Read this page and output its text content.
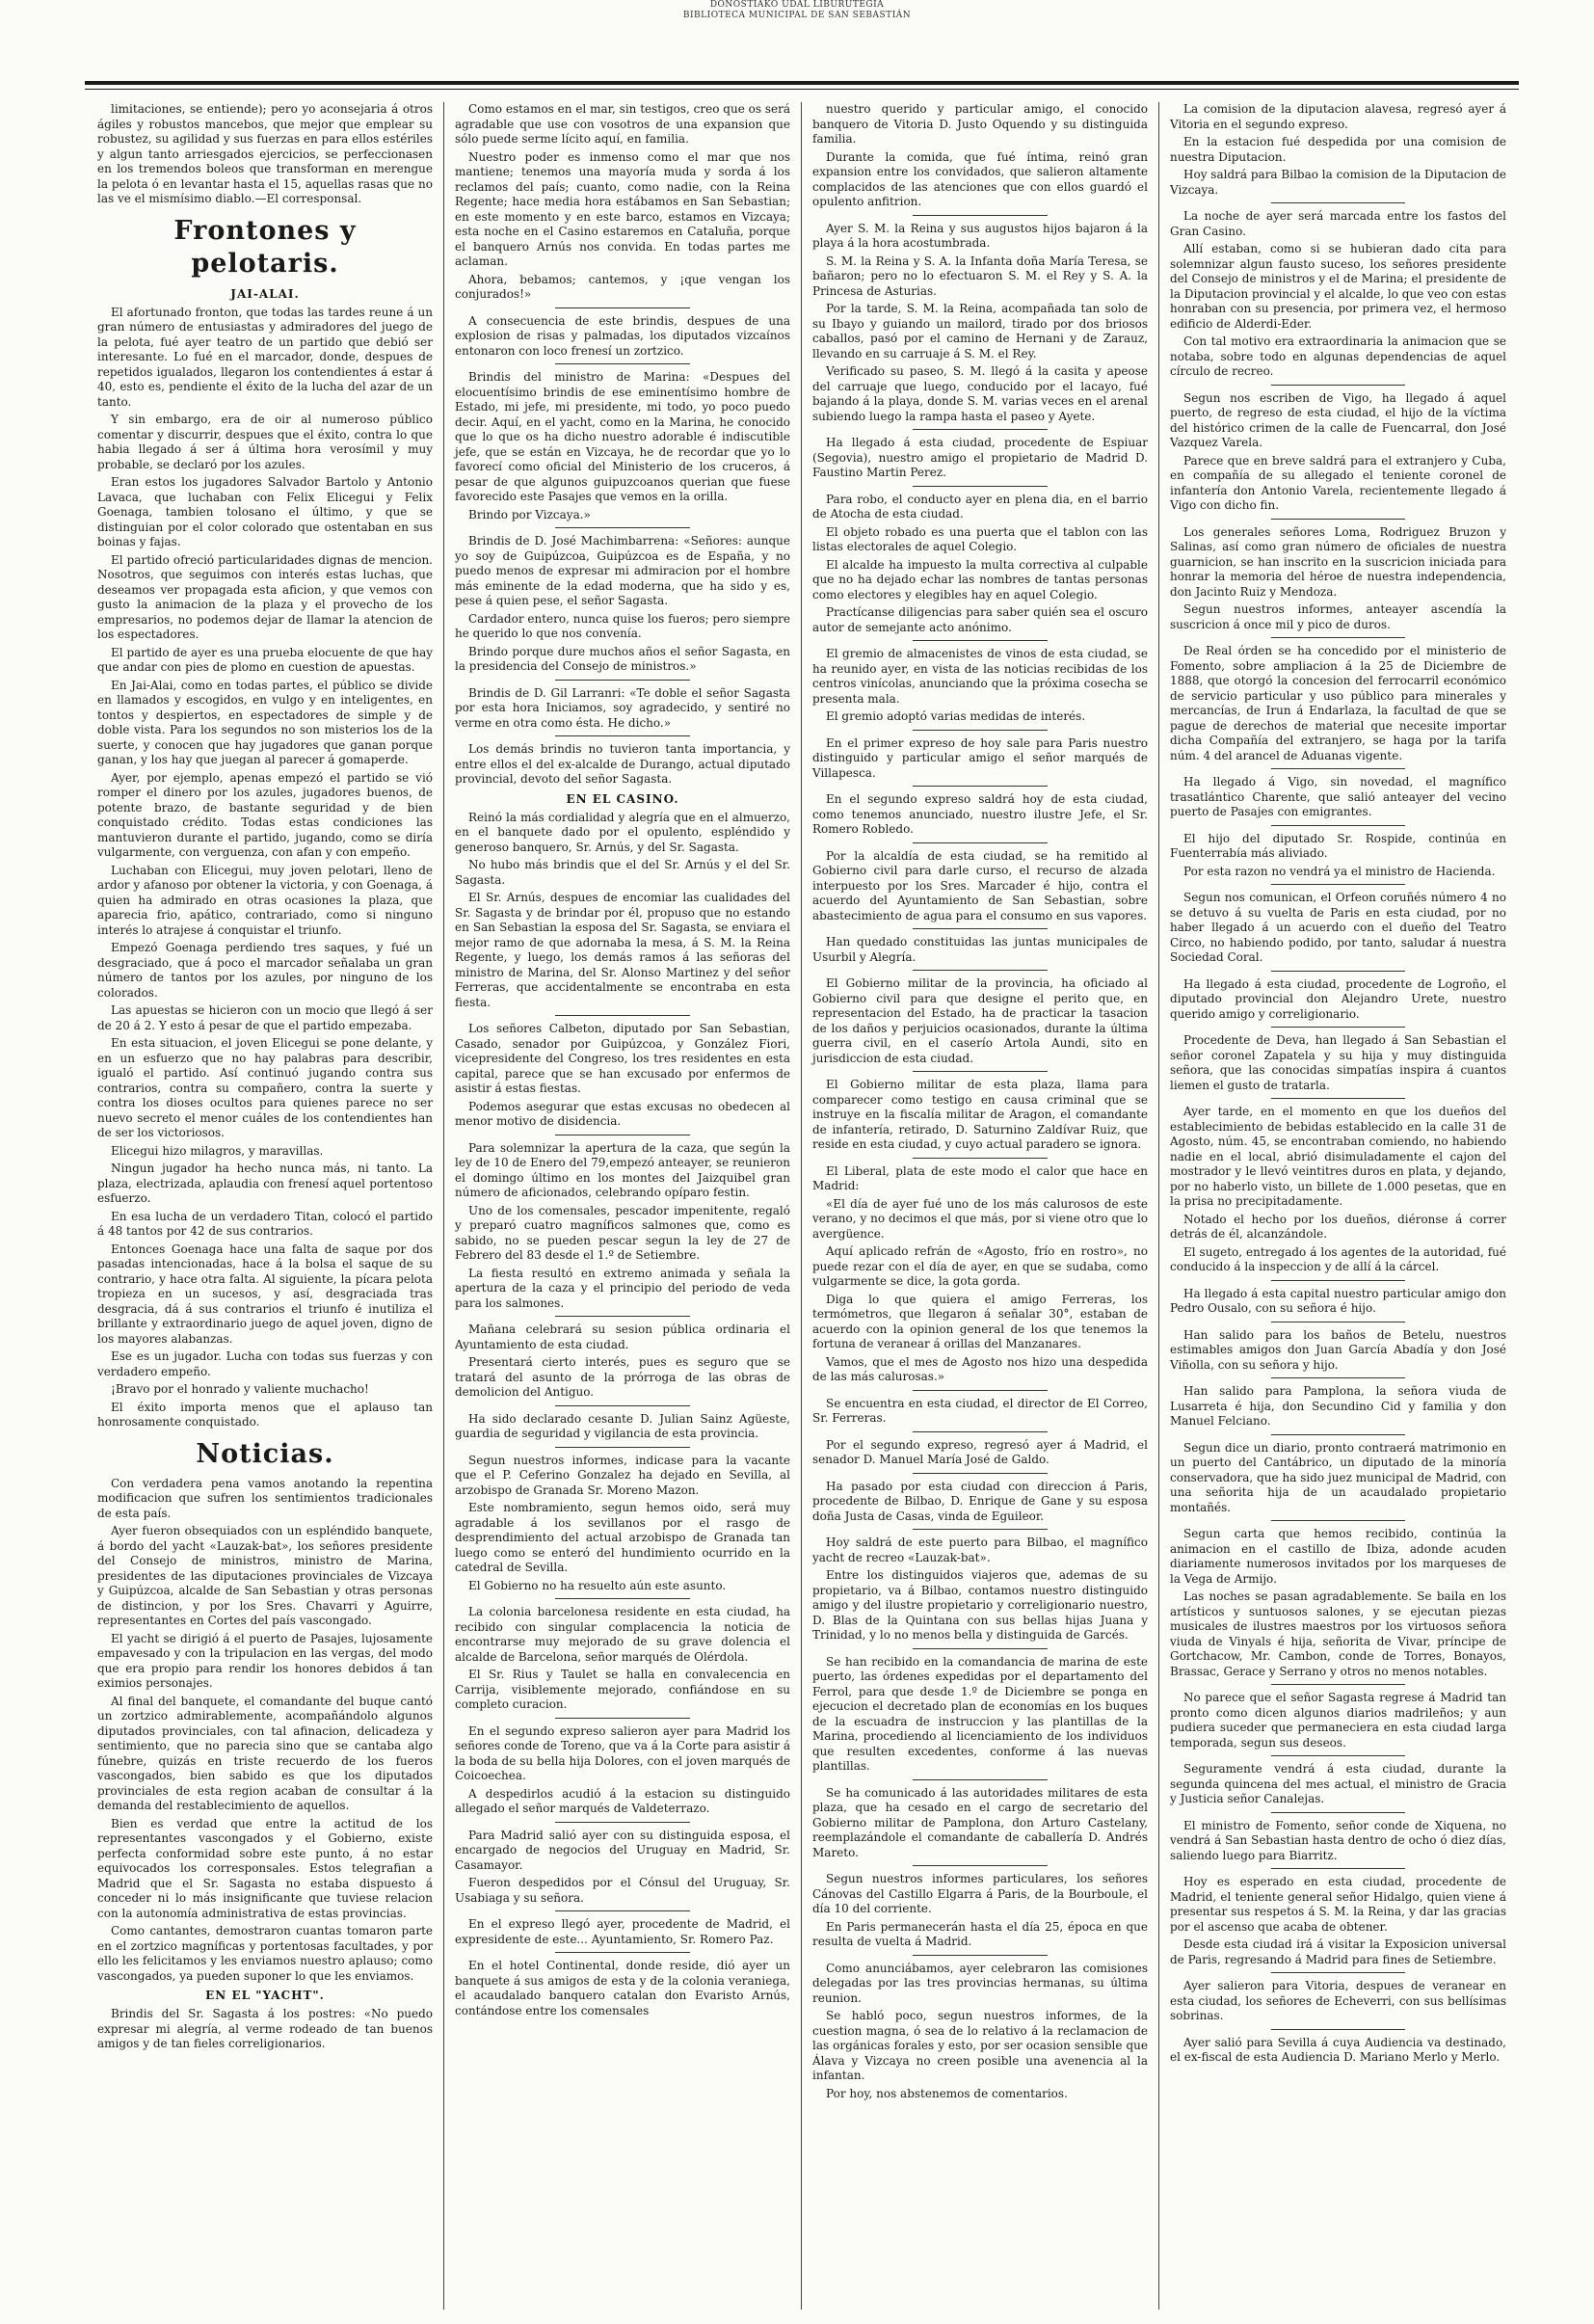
DONOSTIAKO UDAL LIBURUTEGIA
BIBLIOTECA MUNICIPAL DE SAN SEBASTIÁN

limitaciones, se entiende); pero yo aconsejaria á otros ágiles y robustos mancebos, que mejor que emplear su robustez, su agilidad y sus fuerzas en para ellos estériles y algun tanto arriesgados ejercicios, se perfeccionasen en los tremendos boleos que transforman en merengue la pelota ó en levantar hasta el 15, aquellas rasas que no las ve el mismísimo diablo.—El corresponsal.

Frontones y pelotaris.
JAI-ALAI.

El afortunado fronton, que todas las tardes reune á un gran número de entusiastas y admiradores del juego de la pelota, fué ayer teatro de un partido que debió ser interesante. Lo fué en el marcador, donde, despues de repetidos igualados, llegaron los contendientes á estar á 40, esto es, pendiente el éxito de la lucha del azar de un tanto.

Y sin embargo, era de oir al numeroso público comentar y discurrir, despues que el éxito, contra lo que habia llegado á ser á última hora verosímil y muy probable, se declaró por los azules.

Eran estos los jugadores Salvador Bartolo y Antonio Lavaca, que luchaban con Felix Elicegui y Felix Goenaga, tambien tolosano el último, y que se distinguian por el color colorado que ostentaban en sus boinas y fajas.

El partido ofreció particularidades dignas de mencion. Nosotros, que seguimos con interés estas luchas, que deseamos ver propagada esta aficion, y que vemos con gusto la animacion de la plaza y el provecho de los empresarios, no podemos dejar de llamar la atencion de los espectadores.

El partido de ayer es una prueba elocuente de que hay que andar con pies de plomo en cuestion de apuestas.

En Jai-Alai, como en todas partes, el público se divide en llamados y escogidos, en vulgo y en inteligentes, en tontos y despiertos, en espectadores de simple y de doble vista. Para los segundos no son misterios los de la suerte, y conocen que hay jugadores que ganan porque ganan, y los hay que juegan al parecer á gomaperde.

Ayer, por ejemplo, apenas empezó el partido se vió romper el dinero por los azules, jugadores buenos, de potente brazo, de bastante seguridad y de bien conquistado crédito. Todas estas condiciones las mantuvieron durante el partido, jugando, como se diría vulgarmente, con verguenza, con afan y con empeño.

Luchaban con Elicegui, muy joven pelotari, lleno de ardor y afanoso por obtener la victoria, y con Goenaga, á quien ha admirado en otras ocasiones la plaza, que aparecia frio, apático, contrariado, como si ninguno interés lo atrajese á conquistar el triunfo.

Empezó Goenaga perdiendo tres saques, y fué un desgraciado, que á poco el marcador señalaba un gran número de tantos por los azules, por ninguno de los colorados.

Las apuestas se hicieron con un mocio que llegó á ser de 20 á 2. Y esto á pesar de que el partido empezaba.

En esta situacion, el joven Elicegui se pone delante, y en un esfuerzo que no hay palabras para describir, igualó el partido. Así continuó jugando contra sus contrarios, contra su compañero, contra la suerte y contra los dioses ocultos para quienes parece no ser nuevo secreto el menor cuáles de los contendientes han de ser los victoriosos.

Elicegui hizo milagros, y maravillas.

Ningun jugador ha hecho nunca más, ni tanto. La plaza, electrizada, aplaudia con frenesí aquel portentoso esfuerzo.

En esa lucha de un verdadero Titan, colocó el partido á 48 tantos por 42 de sus contrarios.

Entonces Goenaga hace una falta de saque por dos pasadas intencionadas, hace á la bolsa el saque de su contrario, y hace otra falta. Al siguiente, la pícara pelota tropieza en un sucesos, y así, desgraciada tras desgracia, dá á sus contrarios el triunfo é inutiliza el brillante y extraordinario juego de aquel joven, digno de los mayores alabanzas.

Ese es un jugador. Lucha con todas sus fuerzas y con verdadero empeño.

¡Bravo por el honrado y valiente muchacho!

El éxito importa menos que el aplauso tan honrosamente conquistado.

Noticias.

Con verdadera pena vamos anotando la repentina modificacion que sufren los sentimientos tradicionales de esta país.

Ayer fueron obsequiados con un espléndido banquete, á bordo del yacht «Lauzak-bat», los señores presidente del Consejo de ministros, ministro de Marina, presidentes de las diputaciones provinciales de Vizcaya y Guipúzcoa, alcalde de San Sebastian y otras personas de distincion, y por los Sres. Chavarri y Aguirre, representantes en Cortes del país vascongado.

El yacht se dirigió á el puerto de Pasajes, lujosamente empavesado y con la tripulacion en las vergas, del modo que era propio para rendir los honores debidos á tan eximios personajes.

Al final del banquete, el comandante del buque cantó un zortzico admirablemente, acompañándolo algunos diputados provinciales, con tal afinacion, delicadeza y sentimiento, que no parecia sino que se cantaba algo fúnebre, quizás en triste recuerdo de los fueros vascongados, bien sabido es que los diputados provinciales de esta region acaban de consultar á la demanda del restablecimiento de aquellos.

Bien es verdad que entre la actitud de los representantes vascongados y el Gobierno, existe perfecta conformidad sobre este punto, á no estar equivocados los corresponsales. Estos telegrafian a Madrid que el Sr. Sagasta no estaba dispuesto á conceder ni lo más insignificante que tuviese relacion con la autonomía administrativa de estas provincias.

Como cantantes, demostraron cuantas tomaron parte en el zortzico magníficas y portentosas facultades, y por ello les felicitamos y les enviamos nuestro aplauso; como vascongados, ya pueden suponer lo que les enviamos.

EN EL "YACHT".

Brindis del Sr. Sagasta á los postres: «No puedo expresar mi alegría, al verme rodeado de tan buenos amigos y de tan fieles correligionarios.

Como estamos en el mar, sin testigos, creo que os será agradable que use con vosotros de una expansion que sólo puede serme lícito aquí, en familia.

Nuestro poder es inmenso como el mar que nos mantiene; tenemos una mayoría muda y sorda á los reclamos del país; cuanto, como nadie, con la Reina Regente; hace media hora estábamos en San Sebastian; en este momento y en este barco, estamos en Vizcaya; esta noche en el Casino estaremos en Cataluña, porque el banquero Arnús nos convida. En todas partes me aclaman.

Ahora, bebamos; cantemos, y ¡que vengan los conjurados!»

A consecuencia de este brindis, despues de una explosion de risas y palmadas, los diputados vizcaínos entonaron con loco frenesí un zortzico.

Brindis del ministro de Marina: «Despues del elocuentísimo brindis de ese eminentísimo hombre de Estado, mi jefe, mi presidente, mi todo, yo poco puedo decir. Aquí, en el yacht, como en la Marina, he conocido que lo que os ha dicho nuestro adorable é indiscutible jefe, que se están en Vizcaya, he de recordar que yo lo favorecí como oficial del Ministerio de los cruceros, á pesar de que algunos guipuzcoanos querian que fuese favorecido este Pasajes que vemos en la orilla.

Brindo por Vizcaya.»

Brindis de D. José Machimbarrena: «Señores: aunque yo soy de Guipúzcoa, Guipúzcoa es de España, y no puedo menos de expresar mi admiracion por el hombre más eminente de la edad moderna, que ha sido y es, pese á quien pese, el señor Sagasta.

Cardador entero, nunca quise los fueros; pero siempre he querido lo que nos convenía.

Brindo porque dure muchos años el señor Sagasta, en la presidencia del Consejo de ministros.»

Brindis de D. Gil Larranri: «Te doble el señor Sagasta por esta hora Iniciamos, soy agradecido, y sentiré no verme en otra como ésta. He dicho.»

Los demás brindis no tuvieron tanta importancia, y entre ellos el del ex-alcalde de Durango, actual diputado provincial, devoto del señor Sagasta.

EN EL CASINO.

Reinó la más cordialidad y alegría que en el almuerzo, en el banquete dado por el opulento, espléndido y generoso banquero, Sr. Arnús, y del Sr. Sagasta.

No hubo más brindis que el del Sr. Arnús y el del Sr. Sagasta.

El Sr. Arnús, despues de encomiar las cualidades del Sr. Sagasta y de brindar por él, propuso que no estando en San Sebastian la esposa del Sr. Sagasta, se enviara el mejor ramo de que adornaba la mesa, á S. M. la Reina Regente, y luego, los demás ramos á las señoras del ministro de Marina, del Sr. Alonso Martinez y del señor Ferreras, que accidentalmente se encontraba en esta fiesta.

Los señores Calbeton, diputado por San Sebastian, Casado, senador por Guipúzcoa, y González Fiori, vicepresidente del Congreso, los tres residentes en esta capital, parece que se han excusado por enfermos de asistir á estas fiestas.

Podemos asegurar que estas excusas no obedecen al menor motivo de disidencia.

Para solemnizar la apertura de la caza, que según la ley de 10 de Enero del 79,empezó anteayer, se reunieron el domingo último en los montes del Jaizquibel gran número de aficionados, celebrando opíparo festin.

Uno de los comensales, pescador impenitente, regaló y preparó cuatro magníficos salmones que, como es sabido, no se pueden pescar segun la ley de 27 de Febrero del 83 desde el 1.º de Setiembre.

La fiesta resultó en extremo animada y señala la apertura de la caza y el principio del periodo de veda para los salmones.

Mañana celebrará su sesion pública ordinaria el Ayuntamiento de esta ciudad.

Presentará cierto interés, pues es seguro que se tratará del asunto de la prórroga de las obras de demolicion del Antiguo.

Ha sido declarado cesante D. Julian Sainz Agüeste, guardia de seguridad y vigilancia de esta provincia.

Segun nuestros informes, indicase para la vacante que el P. Ceferino Gonzalez ha dejado en Sevilla, al arzobispo de Granada Sr. Moreno Mazon.

Este nombramiento, segun hemos oido, será muy agradable á los sevillanos por el rasgo de desprendimiento del actual arzobispo de Granada tan luego como se enteró del hundimiento ocurrido en la catedral de Sevilla.

El Gobierno no ha resuelto aún este asunto.

La colonia barcelonesa residente en esta ciudad, ha recibido con singular complacencia la noticia de encontrarse muy mejorado de su grave dolencia el alcalde de Barcelona, señor marqués de Olérdola.

El Sr. Rius y Taulet se halla en convalecencia en Carrija, visiblemente mejorado, confiándose en su completo curacion.

En el segundo expreso salieron ayer para Madrid los señores conde de Toreno, que va á la Corte para asistir á la boda de su bella hija Dolores, con el joven marqués de Coicoechea.

A despedirlos acudió á la estacion su distinguido allegado el señor marqués de Valdeterrazo.

Para Madrid salió ayer con su distinguida esposa, el encargado de negocios del Uruguay en Madrid, Sr. Casamayor.

Fueron despedidos por el Cónsul del Uruguay, Sr. Usabiaga y su señora.

En el expreso llegó ayer, procedente de Madrid, el expresidente de este... Ayuntamiento, Sr. Romero Paz.

En el hotel Continental, donde reside, dió ayer un banquete á sus amigos de esta y de la colonia veraniega, el acaudalado banquero catalan don Evaristo Arnús, contándose entre los comensales

nuestro querido y particular amigo, el conocido banquero de Vitoria D. Justo Oquendo y su distinguida familia.

Durante la comida, que fué íntima, reinó gran expansion entre los convidados, que salieron altamente complacidos de las atenciones que con ellos guardó el opulento anfitrion.

Ayer S. M. la Reina y sus augustos hijos bajaron á la playa á la hora acostumbrada.

S. M. la Reina y S. A. la Infanta doña María Teresa, se bañaron; pero no lo efectuaron S. M. el Rey y S. A. la Princesa de Asturias.

Por la tarde, S. M. la Reina, acompañada tan solo de su Ibayo y guiando un mailord, tirado por dos briosos caballos, pasó por el camino de Hernani y de Zarauz, llevando en su carruaje á S. M. el Rey.

Verificado su paseo, S. M. llegó á la casita y apeose del carruaje que luego, conducido por el lacayo, fué bajando á la playa, donde S. M. varias veces en el arenal subiendo luego la rampa hasta el paseo y Ayete.

Ha llegado á esta ciudad, procedente de Espiuar (Segovia), nuestro amigo el propietario de Madrid D. Faustino Martin Perez.

Para robo, el conducto ayer en plena dia, en el barrio de Atocha de esta ciudad.

El objeto robado es una puerta que el tablon con las listas electorales de aquel Colegio.

El alcalde ha impuesto la multa correctiva al culpable que no ha dejado echar las nombres de tantas personas como electores y elegibles hay en aquel Colegio.

Practícanse diligencias para saber quién sea el oscuro autor de semejante acto anónimo.

El gremio de almacenistes de vinos de esta ciudad, se ha reunido ayer, en vista de las noticias recibidas de los centros vinícolas, anunciando que la próxima cosecha se presenta mala.

El gremio adoptó varias medidas de interés.

En el primer expreso de hoy sale para Paris nuestro distinguido y particular amigo el señor marqués de Villapesca.

En el segundo expreso saldrá hoy de esta ciudad, como tenemos anunciado, nuestro ilustre Jefe, el Sr. Romero Robledo.

Por la alcaldía de esta ciudad, se ha remitido al Gobierno civil para darle curso, el recurso de alzada interpuesto por los Sres. Marcader é hijo, contra el acuerdo del Ayuntamiento de San Sebastian, sobre abastecimiento de agua para el consumo en sus vapores.

Han quedado constituidas las juntas municipales de Usurbil y Alegría.

El Gobierno militar de la provincia, ha oficiado al Gobierno civil para que designe el perito que, en representacion del Estado, ha de practicar la tasacion de los daños y perjuicios ocasionados, durante la última guerra civil, en el caserío Artola Aundi, sito en jurisdiccion de esta ciudad.

El Gobierno militar de esta plaza, llama para comparecer como testigo en causa criminal que se instruye en la fiscalía militar de Aragon, el comandante de infantería, retirado, D. Saturnino Zaldívar Ruiz, que reside en esta ciudad, y cuyo actual paradero se ignora.

El Liberal, plata de este modo el calor que hace en Madrid:

«El día de ayer fué uno de los más calurosos de este verano, y no decimos el que más, por si viene otro que lo avergüence.

Aquí aplicado refrán de «Agosto, frío en rostro», no puede rezar con el día de ayer, en que se sudaba, como vulgarmente se dice, la gota gorda.

Diga lo que quiera el amigo Ferreras, los termómetros, que llegaron á señalar 30°, estaban de acuerdo con la opinion general de los que tenemos la fortuna de veranear á orillas del Manzanares.

Vamos, que el mes de Agosto nos hizo una despedida de las más calurosas.»

Se encuentra en esta ciudad, el director de El Correo, Sr. Ferreras.

Por el segundo expreso, regresó ayer á Madrid, el senador D. Manuel María José de Galdo.

Ha pasado por esta ciudad con direccion á Paris, procedente de Bilbao, D. Enrique de Gane y su esposa doña Justa de Casas, vinda de Eguileor.

Hoy saldrá de este puerto para Bilbao, el magnífico yacht de recreo «Lauzak-bat».

Entre los distinguidos viajeros que, ademas de su propietario, va á Bilbao, contamos nuestro distinguido amigo y del ilustre propietario y correligionario nuestro, D. Blas de la Quintana con sus bellas hijas Juana y Trinidad, y lo no menos bella y distinguida de Garcés.

Se han recibido en la comandancia de marina de este puerto, las órdenes expedidas por el departamento del Ferrol, para que desde 1.º de Diciembre se ponga en ejecucion el decretado plan de economías en los buques de la escuadra de instruccion y las plantillas de la Marina, procediendo al licenciamiento de los individuos que resulten excedentes, conforme á las nuevas plantillas.

Se ha comunicado á las autoridades militares de esta plaza, que ha cesado en el cargo de secretario del Gobierno militar de Pamplona, don Arturo Castelany, reemplazándole el comandante de caballería D. Andrés Mareto.

Segun nuestros informes particulares, los señores Cánovas del Castillo Elgarra á Paris, de la Bourboule, el día 10 del corriente.

En Paris permanecerán hasta el día 25, época en que resulta de vuelta á Madrid.

Como anunciábamos, ayer celebraron las comisiones delegadas por las tres provincias hermanas, su última reunion.

Se habló poco, segun nuestros informes, de la cuestion magna, ó sea de lo relativo á la reclamacion de las orgánicas forales y esto, por ser ocasion sensible que Álava y Vizcaya no creen posible una avenencia al la infantan.

Por hoy, nos abstenemos de comentarios.

La comision de la diputacion alavesa, regresó ayer á Vitoria en el segundo expreso.

En la estacion fué despedida por una comision de nuestra Diputacion.

Hoy saldrá para Bilbao la comision de la Diputacion de Vizcaya.

La noche de ayer será marcada entre los fastos del Gran Casino.

Allí estaban, como si se hubieran dado cita para solemnizar algun fausto suceso, los señores presidente del Consejo de ministros y el de Marina; el presidente de la Diputacion provincial y el alcalde, lo que veo con estas honraban con su presencia, por primera vez, el hermoso edificio de Alderdi-Eder.

Con tal motivo era extraordinaria la animacion que se notaba, sobre todo en algunas dependencias de aquel círculo de recreo.

Segun nos escriben de Vigo, ha llegado á aquel puerto, de regreso de esta ciudad, el hijo de la víctima del histórico crimen de la calle de Fuencarral, don José Vazquez Varela.

Parece que en breve saldrá para el extranjero y Cuba, en compañía de su allegado el teniente coronel de infantería don Antonio Varela, recientemente llegado á Vigo con dicho fin.

Los generales señores Loma, Rodriguez Bruzon y Salinas, así como gran número de oficiales de nuestra guarnicion, se han inscrito en la suscricion iniciada para honrar la memoria del héroe de nuestra independencia, don Jacinto Ruiz y Mendoza.

Segun nuestros informes, anteayer ascendía la suscricion á once mil y pico de duros.

De Real órden se ha concedido por el ministerio de Fomento, sobre ampliacion á la 25 de Diciembre de 1888, que otorgó la concesion del ferrocarril económico de servicio particular y uso público para minerales y mercancías, de Irun á Endarlaza, la facultad de que se pague de derechos de material que necesite importar dicha Compañía del extranjero, se haga por la tarifa núm. 4 del arancel de Aduanas vigente.

Ha llegado á Vigo, sin novedad, el magnífico trasatlántico Charente, que salió anteayer del vecino puerto de Pasajes con emigrantes.

El hijo del diputado Sr. Rospide, continúa en Fuenterrabía más aliviado.

Por esta razon no vendrá ya el ministro de Hacienda.

Segun nos comunican, el Orfeon coruñés número 4 no se detuvo á su vuelta de Paris en esta ciudad, por no haber llegado á un acuerdo con el dueño del Teatro Circo, no habiendo podido, por tanto, saludar á nuestra Sociedad Coral.

Ha llegado á esta ciudad, procedente de Logroño, el diputado provincial don Alejandro Urete, nuestro querido amigo y correligionario.

Procedente de Deva, han llegado á San Sebastian el señor coronel Zapatela y su hija y muy distinguida señora, que las conocidas simpatías inspira á cuantos liemen el gusto de tratarla.

Ayer tarde, en el momento en que los dueños del establecimiento de bebidas establecido en la calle 31 de Agosto, núm. 45, se encontraban comiendo, no habiendo nadie en el local, abrió disimuladamente el cajon del mostrador y le llevó veintitres duros en plata, y dejando, por no haberlo visto, un billete de 1.000 pesetas, que en la prisa no precipitadamente.

Notado el hecho por los dueños, diéronse á correr detrás de él, alcanzándole.

El sugeto, entregado á los agentes de la autoridad, fué conducido á la inspeccion y de allí á la cárcel.

Ha llegado á esta capital nuestro particular amigo don Pedro Ousalo, con su señora é hijo.

Han salido para los baños de Betelu, nuestros estimables amigos don Juan García Abadía y don José Viñolla, con su señora y hijo.

Han salido para Pamplona, la señora viuda de Lusarreta é hija, don Secundino Cid y familia y don Manuel Felciano.

Segun dice un diario, pronto contraerá matrimonio en un puerto del Cantábrico, un diputado de la minoría conservadora, que ha sido juez municipal de Madrid, con una señorita hija de un acaudalado propietario montañés.

Segun carta que hemos recibido, continúa la animacion en el castillo de Ibiza, adonde acuden diariamente numerosos invitados por los marqueses de la Vega de Armijo.

Las noches se pasan agradablemente. Se baila en los artísticos y suntuosos salones, y se ejecutan piezas musicales de ilustres maestros por los virtuosos señora viuda de Vinyals é hija, señorita de Vivar, príncipe de Gortchacow, Mr. Cambon, conde de Torres, Bonayos, Brassac, Gerace y Serrano y otros no menos notables.

No parece que el señor Sagasta regrese á Madrid tan pronto como dicen algunos diarios madrileños; y aun pudiera suceder que permaneciera en esta ciudad larga temporada, segun sus deseos.

Seguramente vendrá á esta ciudad, durante la segunda quincena del mes actual, el ministro de Gracia y Justicia señor Canalejas.

El ministro de Fomento, señor conde de Xiquena, no vendrá á San Sebastian hasta dentro de ocho ó diez días, saliendo luego para Biarritz.

Hoy es esperado en esta ciudad, procedente de Madrid, el teniente general señor Hidalgo, quien viene á presentar sus respetos á S. M. la Reina, y dar las gracias por el ascenso que acaba de obtener.

Desde esta ciudad irá á visitar la Exposicion universal de Paris, regresando á Madrid para fines de Setiembre.

Ayer salieron para Vitoria, despues de veranear en esta ciudad, los señores de Echeverri, con sus bellísimas sobrinas.

Ayer salió para Sevilla á cuya Audiencia va destinado, el ex-fiscal de esta Audiencia D. Mariano Merlo y Merlo.
